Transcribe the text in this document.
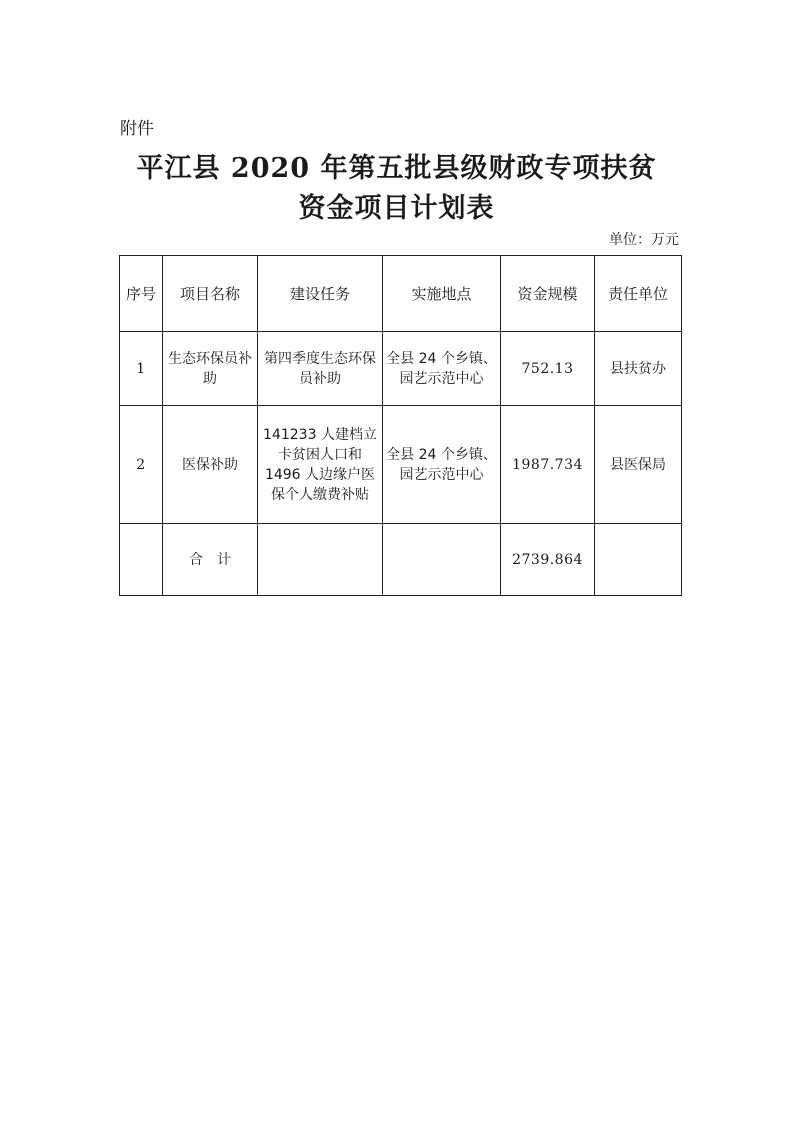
附件
平江县 2020 年第五批县级财政专项扶贫
资金项目计划表
单位：万元
序号	项目名称	建设任务	实施地点	资金规模	责任单位
1	生态环保员补助	第四季度生态环保员补助	全县 24 个乡镇、园艺示范中心	752.13	县扶贫办
2	医保补助	141233 人建档立卡贫困人口和 1496 人边缘户医保个人缴费补贴	全县 24 个乡镇、园艺示范中心	1987.734	县医保局
	合　计			2739.864	
